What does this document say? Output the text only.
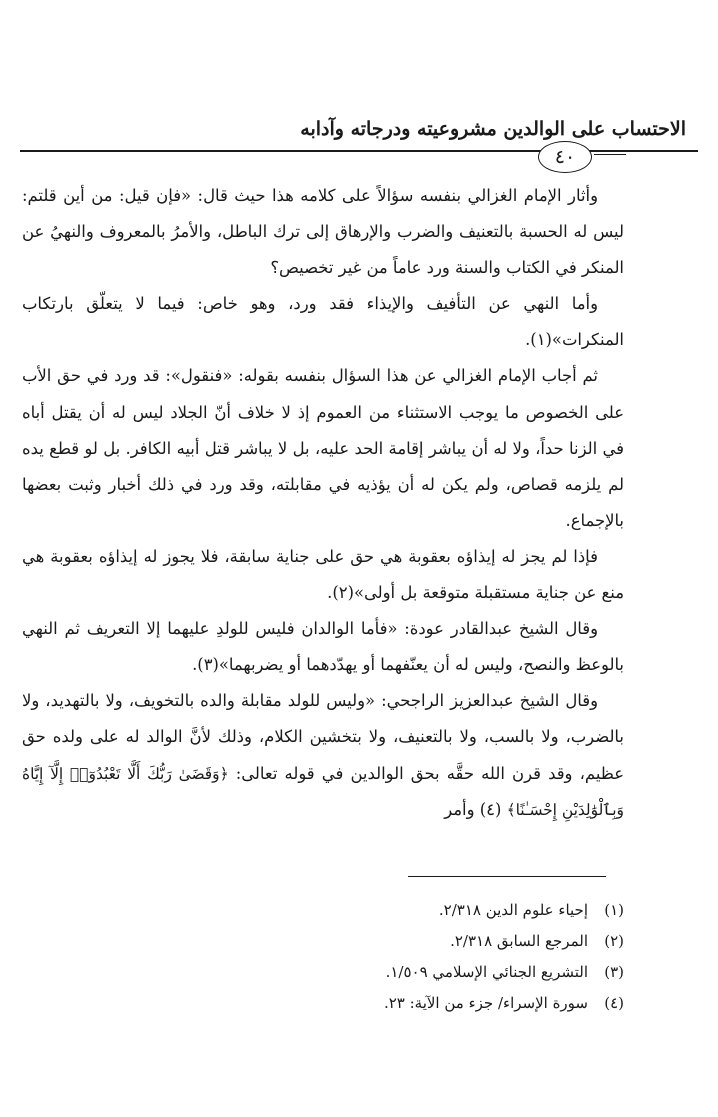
الاحتساب على الوالدين مشروعيته ودرجاته وآدابه
٤٠

وأثار الإمام الغزالي بنفسه سؤالاً على كلامه هذا حيث قال: «فإن قيل: من أين قلتم: ليس له الحسبة بالتعنيف والضرب والإرهاق إلى ترك الباطل، والأمرُ بالمعروف والنهيُ عن المنكر في الكتاب والسنة ورد عاماً من غير تخصيص؟

وأما النهي عن التأفيف والإيذاء فقد ورد، وهو خاص: فيما لا يتعلّق بارتكاب المنكرات»(١).

ثم أجاب الإمام الغزالي عن هذا السؤال بنفسه بقوله: «فنقول»: قد ورد في حق الأب على الخصوص ما يوجب الاستثناء من العموم إذ لا خلاف أنّ الجلاد ليس له أن يقتل أباه في الزنا حداً، ولا له أن يباشر إقامة الحد عليه، بل لا يباشر قتل أبيه الكافر. بل لو قطع يده لم يلزمه قصاص، ولم يكن له أن يؤذيه في مقابلته، وقد ورد في ذلك أخبار وثبت بعضها بالإجماع.

فإذا لم يجز له إيذاؤه بعقوبة هي حق على جناية سابقة، فلا يجوز له إيذاؤه بعقوبة هي منع عن جناية مستقبلة متوقعة بل أولى»(٢).

وقال الشيخ عبدالقادر عودة: «فأما الوالدان فليس للولدِ عليهما إلا التعريف ثم النهي بالوعظ والنصح، وليس له أن يعنّفهما أو يهدّدهما أو يضربهما»(٣).

وقال الشيخ عبدالعزيز الراجحي: «وليس للولد مقابلة والده بالتخويف، ولا بالتهديد، ولا بالضرب، ولا بالسب، ولا بالتعنيف، ولا بتخشين الكلام، وذلك لأنَّ الوالد له على ولده حق عظيم، وقد قرن الله حقَّه بحق الوالدين في قوله تعالى: ﴿وَقَضَىٰ رَبُّكَ أَلَّا تَعْبُدُوٓا۟ إِلَّآ إِيَّاهُ وَبِٱلْوَٰلِدَيْنِ إِحْسَـٰنًا﴾ (٤) وأمر

(١)
إحياء علوم الدين ٢/٣١٨.
(٢)
المرجع السابق ٢/٣١٨.
(٣)
التشريع الجنائي الإسلامي ١/٥٠٩.
(٤)
سورة الإسراء/ جزء من الآية: ٢٣.
